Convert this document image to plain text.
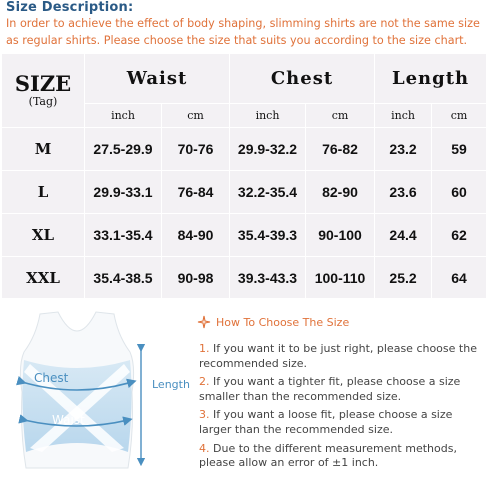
Size Description:
In order to achieve the effect of body shaping, slimming shirts are not the same size as regular shirts. Please choose the size that suits you according to the size chart.
SIZE
(Tag)	Waist		Chest		Length	
	inch	cm	inch	cm	inch	cm
M	27.5-29.9	70-76	29.9-32.2	76-82	23.2	59
L	29.9-33.1	76-84	32.2-35.4	82-90	23.6	60
XL	33.1-35.4	84-90	35.4-39.3	90-100	24.4	62
XXL	35.4-38.5	90-98	39.3-43.3	100-110	25.2	64
Chest
Waist
Length
How To Choose The Size

1. If you want it to be just right, please choose the recommended size.

2. If you want a tighter fit, please choose a size smaller than the recommended size.

3. If you want a loose fit, please choose a size larger than the recommended size.

4. Due to the different measurement methods, please allow an error of ±1 inch.
